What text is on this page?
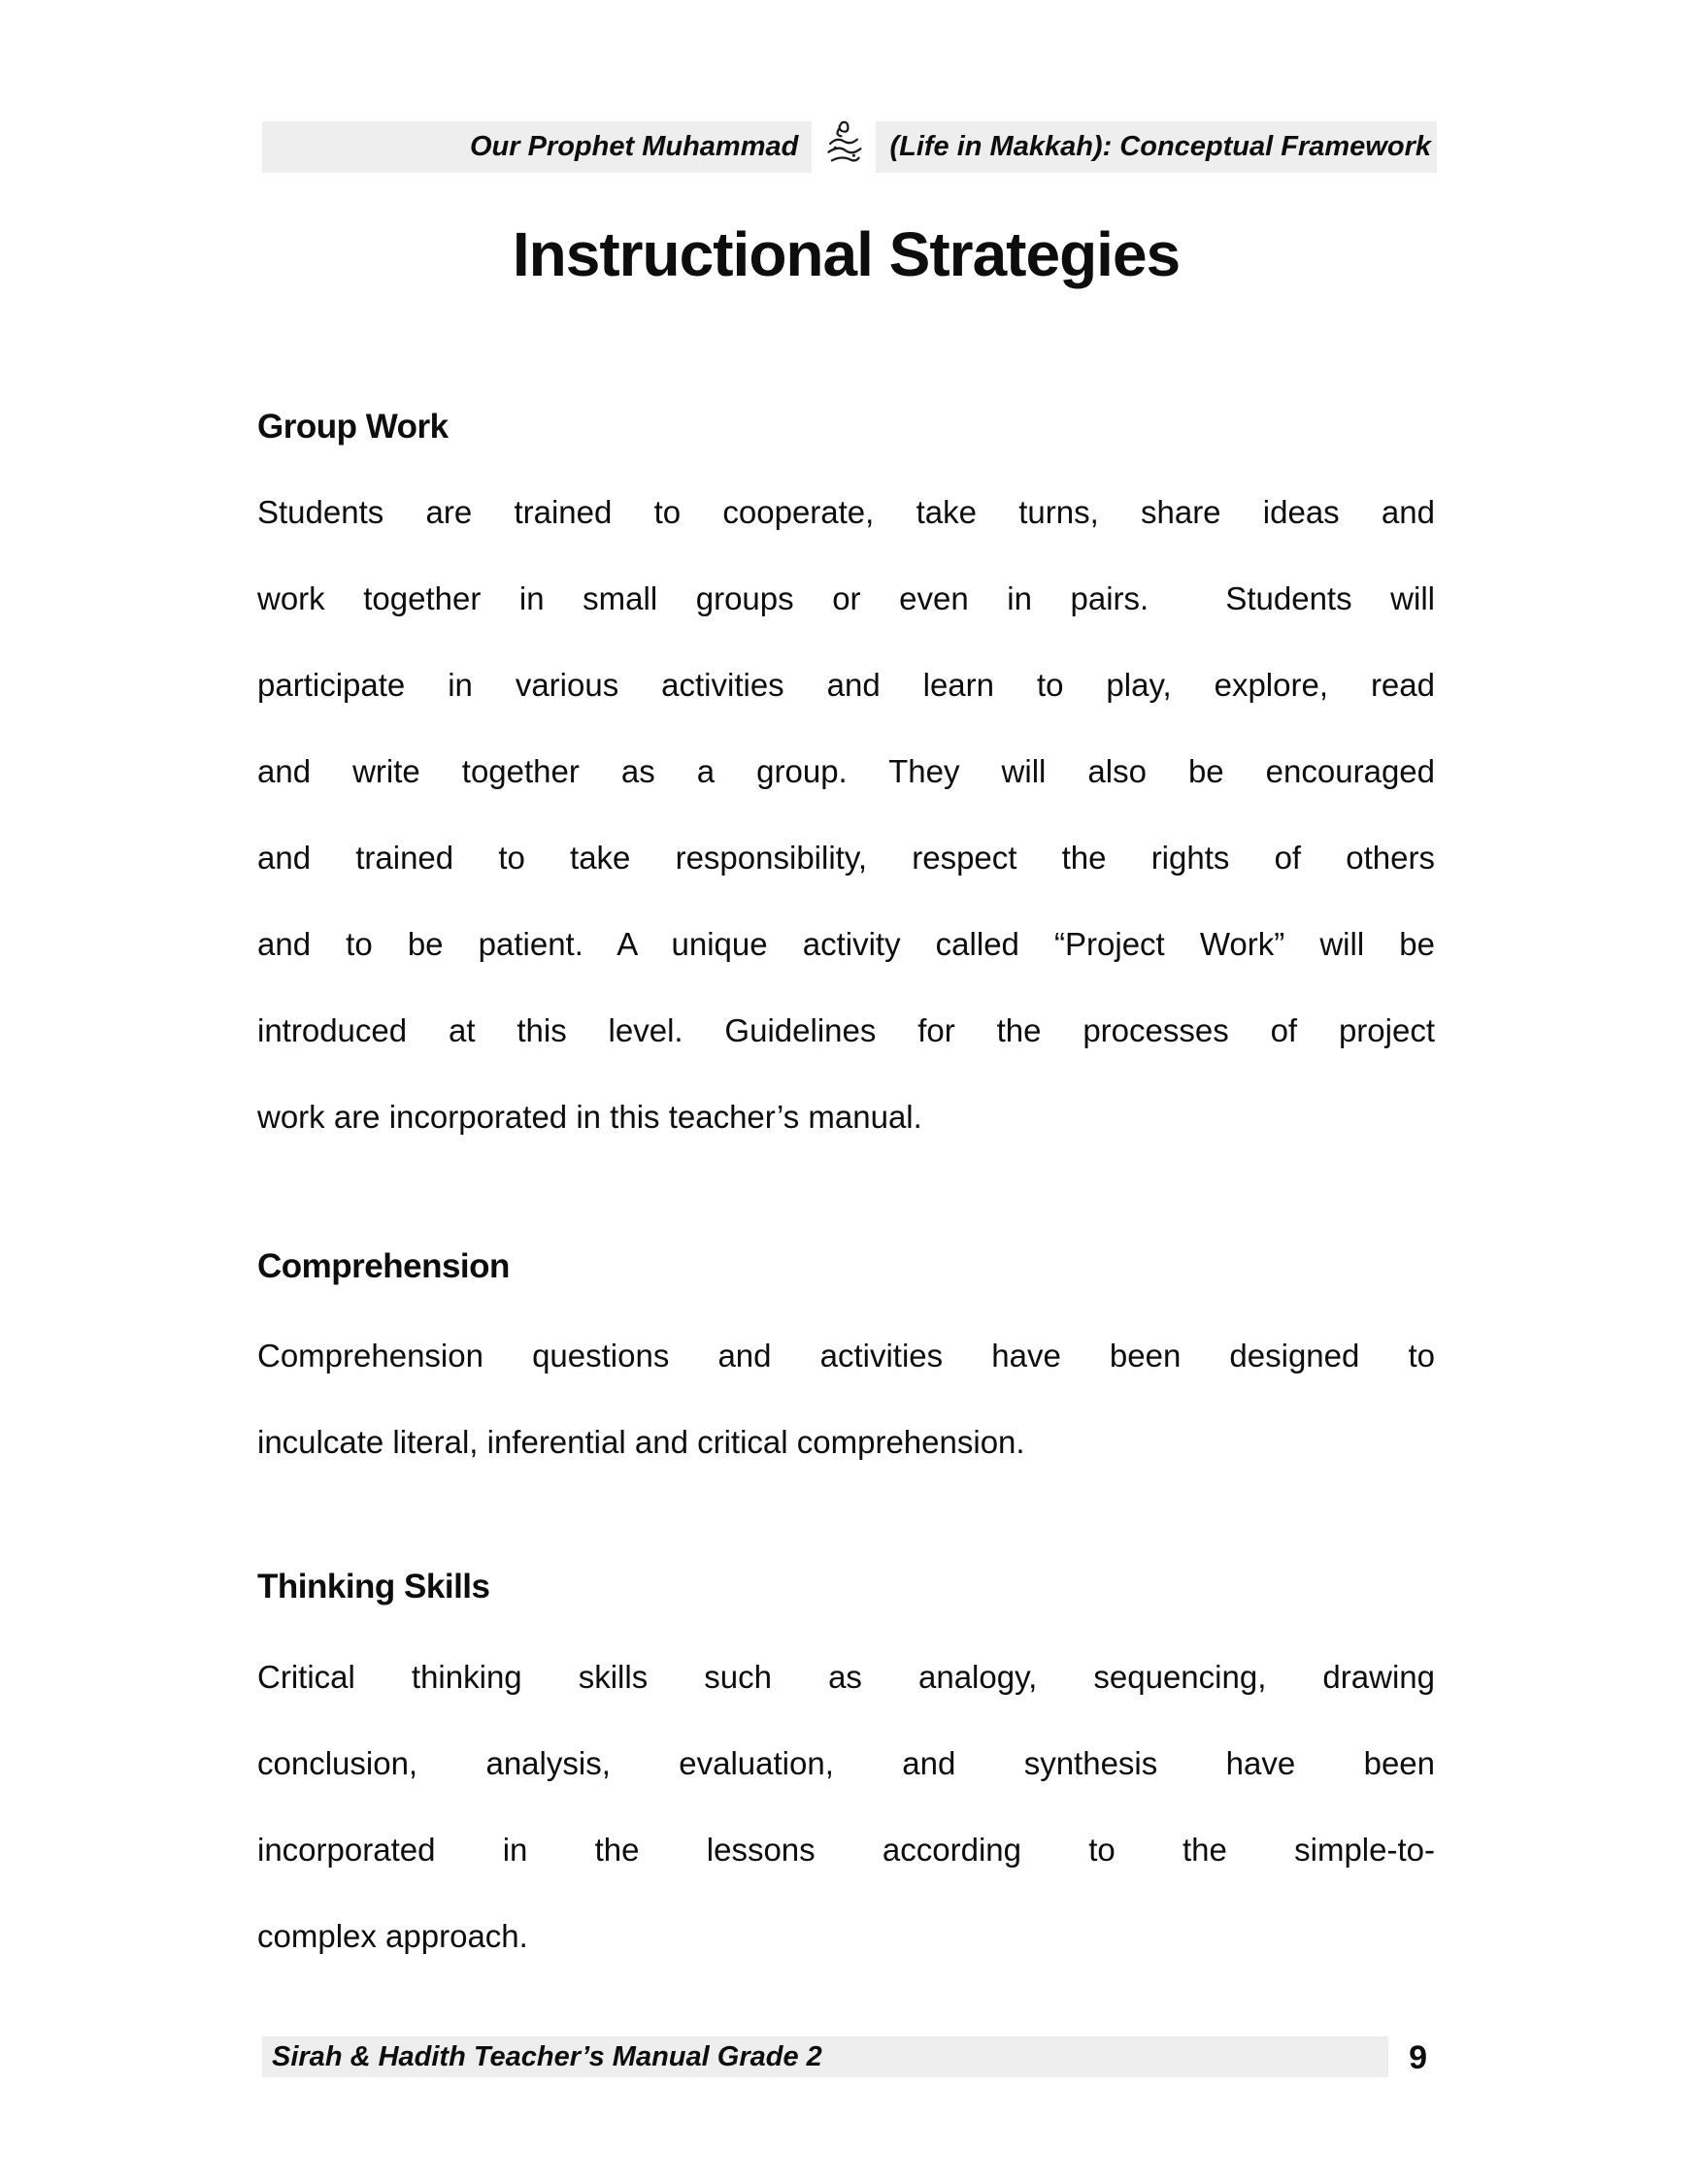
Our Prophet Muhammad	(Life in Makkah): Conceptual Framework
Instructional Strategies
Group Work
Students are trained to cooperate, take turns, share ideas and
work together in small groups or even in pairs.  Students will
participate in various activities and learn to play, explore, read
and write together as a group. They will also be encouraged
and trained to take responsibility, respect the rights of others
and to be patient. A unique activity called “Project Work” will be
introduced at this level. Guidelines for the processes of project
work are incorporated in this teacher’s manual.
Comprehension
Comprehension questions and activities have been designed to
inculcate literal, inferential and critical comprehension.
Thinking Skills
Critical thinking skills such as analogy, sequencing, drawing
conclusion,  analysis,  evaluation,  and  synthesis  have  been
incorporated  in  the  lessons  according  to  the  simple-to-
complex approach.
Sirah & Hadith Teacher’s Manual Grade 2	9
